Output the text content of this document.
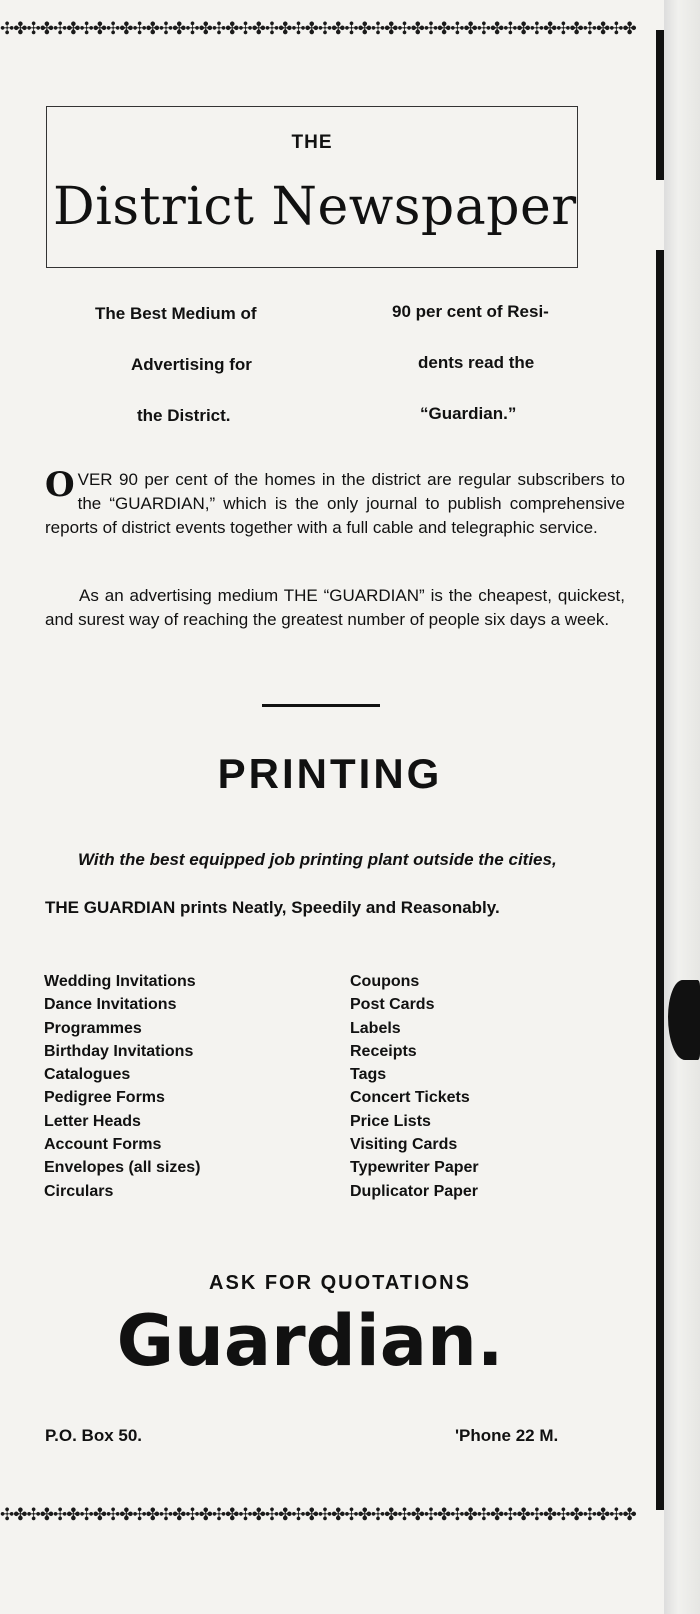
✣✤✣✤✣✤✣✤✣✤✣✤✣✤✣✤✣✤✣✤✣✤✣✤✣✤✣✤✣✤✣✤✣✤✣✤✣✤✣✤✣✤✣✤✣✤✣✤
✣✤✣✤✣✤✣✤✣✤✣✤✣✤✣✤✣✤✣✤✣✤✣✤✣✤✣✤✣✤✣✤✣✤✣✤✣✤✣✤✣✤✣✤✣✤✣✤
THE
District Newspaper
The Best Medium of
Advertising for
the District.
90 per cent of Resi-
dents read the
“Guardian.”
O VER 90 per cent of the homes in the district are regular subscribers to the “GUARDIAN,” which is the only journal to publish comprehensive reports of district events together with a full cable and telegraphic service.
As an advertising medium THE “GUARDIAN” is the cheapest, quickest, and surest way of reaching the greatest number of people six days a week.
PRINTING
With the best equipped job printing plant outside the cities,
THE GUARDIAN prints Neatly, Speedily and Reasonably.
Wedding Invitations
Dance Invitations
Programmes
Birthday Invitations
Catalogues
Pedigree Forms
Letter Heads
Account Forms
Envelopes (all sizes)
Circulars
Coupons
Post Cards
Labels
Receipts
Tags
Concert Tickets
Price Lists
Visiting Cards
Typewriter Paper
Duplicator Paper
ASK FOR QUOTATIONS
Guardian.
P.O. Box 50.	'Phone 22 M.
